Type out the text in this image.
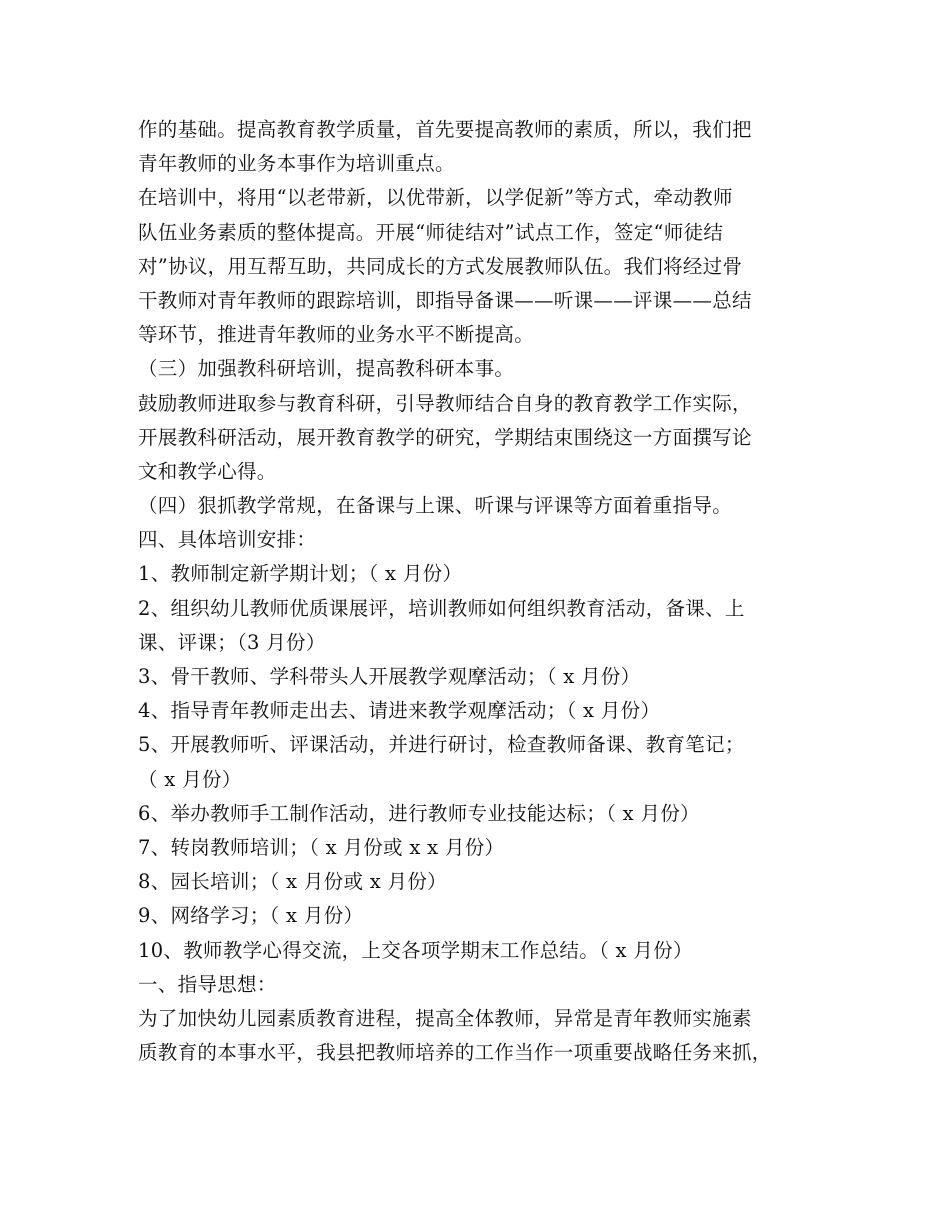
作的基础。提高教育教学质量，首先要提高教师的素质，所以，我们把
青年教师的业务本事作为培训重点。
在培训中，将用“以老带新，以优带新，以学促新”等方式，牵动教师
队伍业务素质的整体提高。开展“师徒结对”试点工作，签定“师徒结
对”协议，用互帮互助，共同成长的方式发展教师队伍。我们将经过骨
干教师对青年教师的跟踪培训，即指导备课——听课——评课——总结
等环节，推进青年教师的业务水平不断提高。
（三）加强教科研培训，提高教科研本事。
鼓励教师进取参与教育科研，引导教师结合自身的教育教学工作实际，
开展教科研活动，展开教育教学的研究，学期结束围绕这一方面撰写论
文和教学心得。
（四）狠抓教学常规，在备课与上课、听课与评课等方面着重指导。
四、具体培训安排：
1、教师制定新学期计划；（ x 月份）
2、组织幼儿教师优质课展评，培训教师如何组织教育活动，备课、上
课、评课；（3 月份）
3、骨干教师、学科带头人开展教学观摩活动；（ x 月份）
4、指导青年教师走出去、请进来教学观摩活动；（ x 月份）
5、开展教师听、评课活动，并进行研讨，检查教师备课、教育笔记；
（ x 月份）
6、举办教师手工制作活动，进行教师专业技能达标；（ x 月份）
7、转岗教师培训；（ x 月份或 x x 月份）
8、园长培训；（ x 月份或 x 月份）
9、网络学习；（ x 月份）
10、教师教学心得交流，上交各项学期末工作总结。（ x 月份）
一、指导思想：
为了加快幼儿园素质教育进程，提高全体教师，异常是青年教师实施素
质教育的本事水平，我县把教师培养的工作当作一项重要战略任务来抓，
